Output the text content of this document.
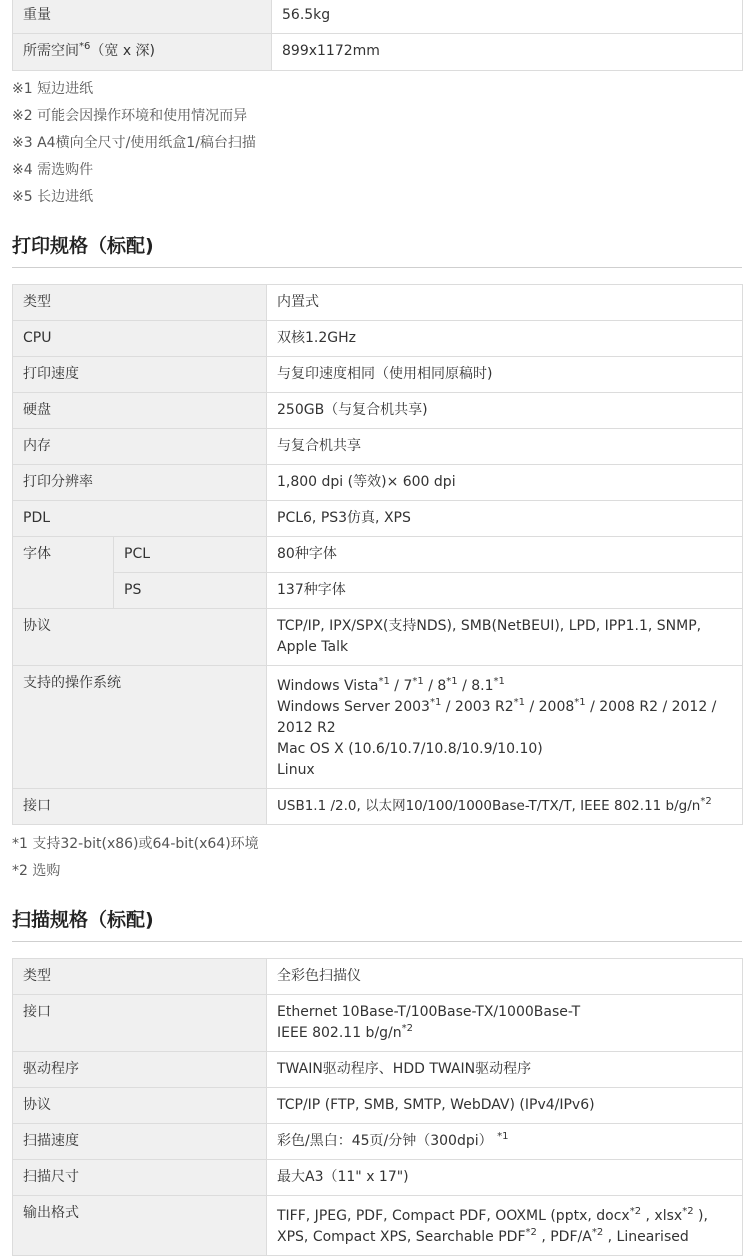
重量	56.5kg
所需空间$^{*6}$（宽 x 深)	899x1172mm
※1 短边进纸
※2 可能会因操作环境和使用情况而异
※3 A4横向全尺寸/使用纸盒1/稿台扫描
※4 需选购件
※5 长边进纸
打印规格（标配)
类型		内置式
CPU		双核1.2GHz
打印速度		与复印速度相同（使用相同原稿时)
硬盘		250GB（与复合机共享)
内存		与复合机共享
打印分辨率		1,800 dpi (等效)× 600 dpi
PDL		PCL6, PS3仿真, XPS
字体	PCL	80种字体
	PS	137种字体
协议		TCP/IP, IPX/SPX(支持NDS), SMB(NetBEUI), LPD, IPP1.1, SNMP, Apple Talk
支持的操作系统		Windows Vista$^{*1}$ / 7$^{*1}$ / 8$^{*1}$ / 8.1$^{*1}$
Windows Server 2003$^{*1}$ / 2003 R2$^{*1}$ / 2008$^{*1}$ / 2008 R2 / 2012 /
2012 R2
Mac OS X (10.6/10.7/10.8/10.9/10.10)
Linux

接口		USB1.1 /2.0, 以太网10/100/1000Base-T/TX/T, IEEE 802.11 $b/g/n^{*2}$
*1 支持32-bit(x86)或64-bit(x64)环境
*2 选购
扫描规格（标配)
类型	全彩色扫描仪
接口	Ethernet 10Base-T/100Base-TX/1000Base-T
IEEE 802.11 $b/g/n^{*2}$

驱动程序	TWAIN驱动程序、HDD TWAIN驱动程序
协议	TCP/IP (FTP, SMB, SMTP, WebDAV) (IPv4/IPv6)
扫描速度	彩色/黑白：45页/分钟（300dpi） $^{*1}$
扫描尺寸	最大A3（11" x 17")
输出格式	TIFF, JPEG, PDF, Compact PDF, OOXML (pptx, docx$^{*2}$ , xlsx$^{*2}$ ),
XPS, Compact XPS, Searchable PDF$^{*2}$ , PDF/$A^{*2}$ , Linearised
